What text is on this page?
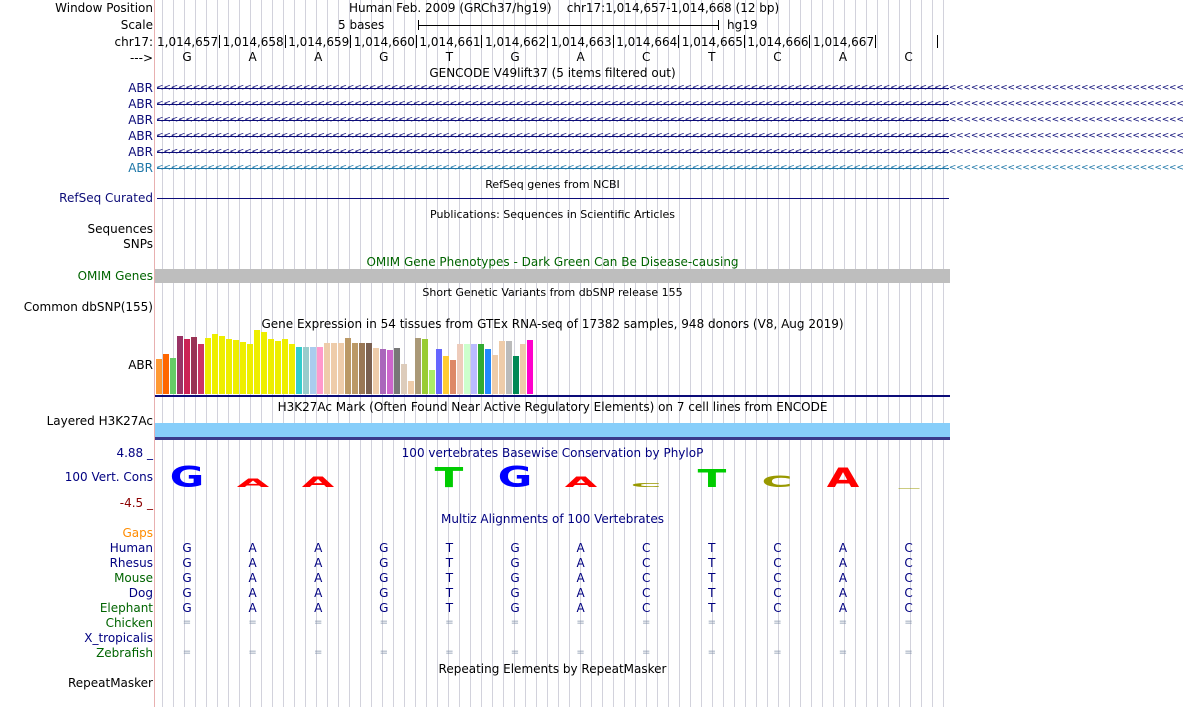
Window Position
Scale
chr17:
--->
Human Feb. 2009 (GRCh37/hg19)    chr17:1,014,657-1,014,668 (12 bp)
5 bases	hg19
1,014,657 1,014,658 1,014,659 1,014,660 1,014,661 1,014,662 1,014,663 1,014,664 1,014,665 1,014,666 1,014,667
G	A	A	G	T	G	A	C	T	C	A	C
GENCODE V49lift37 (5 items filtered out)
ABR <<<<<<<<<<<<<<<<<<<<<<<<<<<<<<<<<<<<<<<<<<<<<<<<<<<<<<<<<<<<<<<<<<<<<<<<<<<<<<<<<<<<<<<<<<<<<<<<<<<<<<<<<<<<<<<<<<<<<<<<<<<<<<<<<<<<<<<<<<<<
ABR <<<<<<<<<<<<<<<<<<<<<<<<<<<<<<<<<<<<<<<<<<<<<<<<<<<<<<<<<<<<<<<<<<<<<<<<<<<<<<<<<<<<<<<<<<<<<<<<<<<<<<<<<<<<<<<<<<<<<<<<<<<<<<<<<<<<<<<<<<<<
ABR <<<<<<<<<<<<<<<<<<<<<<<<<<<<<<<<<<<<<<<<<<<<<<<<<<<<<<<<<<<<<<<<<<<<<<<<<<<<<<<<<<<<<<<<<<<<<<<<<<<<<<<<<<<<<<<<<<<<<<<<<<<<<<<<<<<<<<<<<<<<
ABR <<<<<<<<<<<<<<<<<<<<<<<<<<<<<<<<<<<<<<<<<<<<<<<<<<<<<<<<<<<<<<<<<<<<<<<<<<<<<<<<<<<<<<<<<<<<<<<<<<<<<<<<<<<<<<<<<<<<<<<<<<<<<<<<<<<<<<<<<<<<
ABR <<<<<<<<<<<<<<<<<<<<<<<<<<<<<<<<<<<<<<<<<<<<<<<<<<<<<<<<<<<<<<<<<<<<<<<<<<<<<<<<<<<<<<<<<<<<<<<<<<<<<<<<<<<<<<<<<<<<<<<<<<<<<<<<<<<<<<<<<<<<
ABR <<<<<<<<<<<<<<<<<<<<<<<<<<<<<<<<<<<<<<<<<<<<<<<<<<<<<<<<<<<<<<<<<<<<<<<<<<<<<<<<<<<<<<<<<<<<<<<<<<<<<<<<<<<<<<<<<<<<<<<<<<<<<<<<<<<<<<<<<<<<
RefSeq genes from NCBI
RefSeq Curated
Publications: Sequences in Scientific Articles
Sequences
SNPs
OMIM Gene Phenotypes - Dark Green Can Be Disease-causing
OMIM Genes
Short Genetic Variants from dbSNP release 155
Common dbSNP(155)
Gene Expression in 54 tissues from GTEx RNA-seq of 17382 samples, 948 donors (V8, Aug 2019)
ABR
H3K27Ac Mark (Often Found Near Active Regulatory Elements) on 7 cell lines from ENCODE
Layered H3K27Ac
100 vertebrates Basewise Conservation by PhyloP
4.88 _
100 Vert. Cons
-4.5 _
G	A	A	T	G	A	C	T	C	A	_
Multiz Alignments of 100 Vertebrates
Gaps
Human	G	A	A	G	T	G	A	C	T	C	A	C
Rhesus	G	A	A	G	T	G	A	C	T	C	A	C
Mouse	G	A	A	G	T	G	A	C	T	C	A	C
Dog	G	A	A	G	T	G	A	C	T	C	A	C
Elephant	G	A	A	G	T	G	A	C	T	C	A	C
Chicken	=	=	=	=	=	=	=	=	=	=	=	=
X_tropicalis
Zebrafish	=	=	=	=	=	=	=	=	=	=	=	=
Repeating Elements by RepeatMasker
RepeatMasker
